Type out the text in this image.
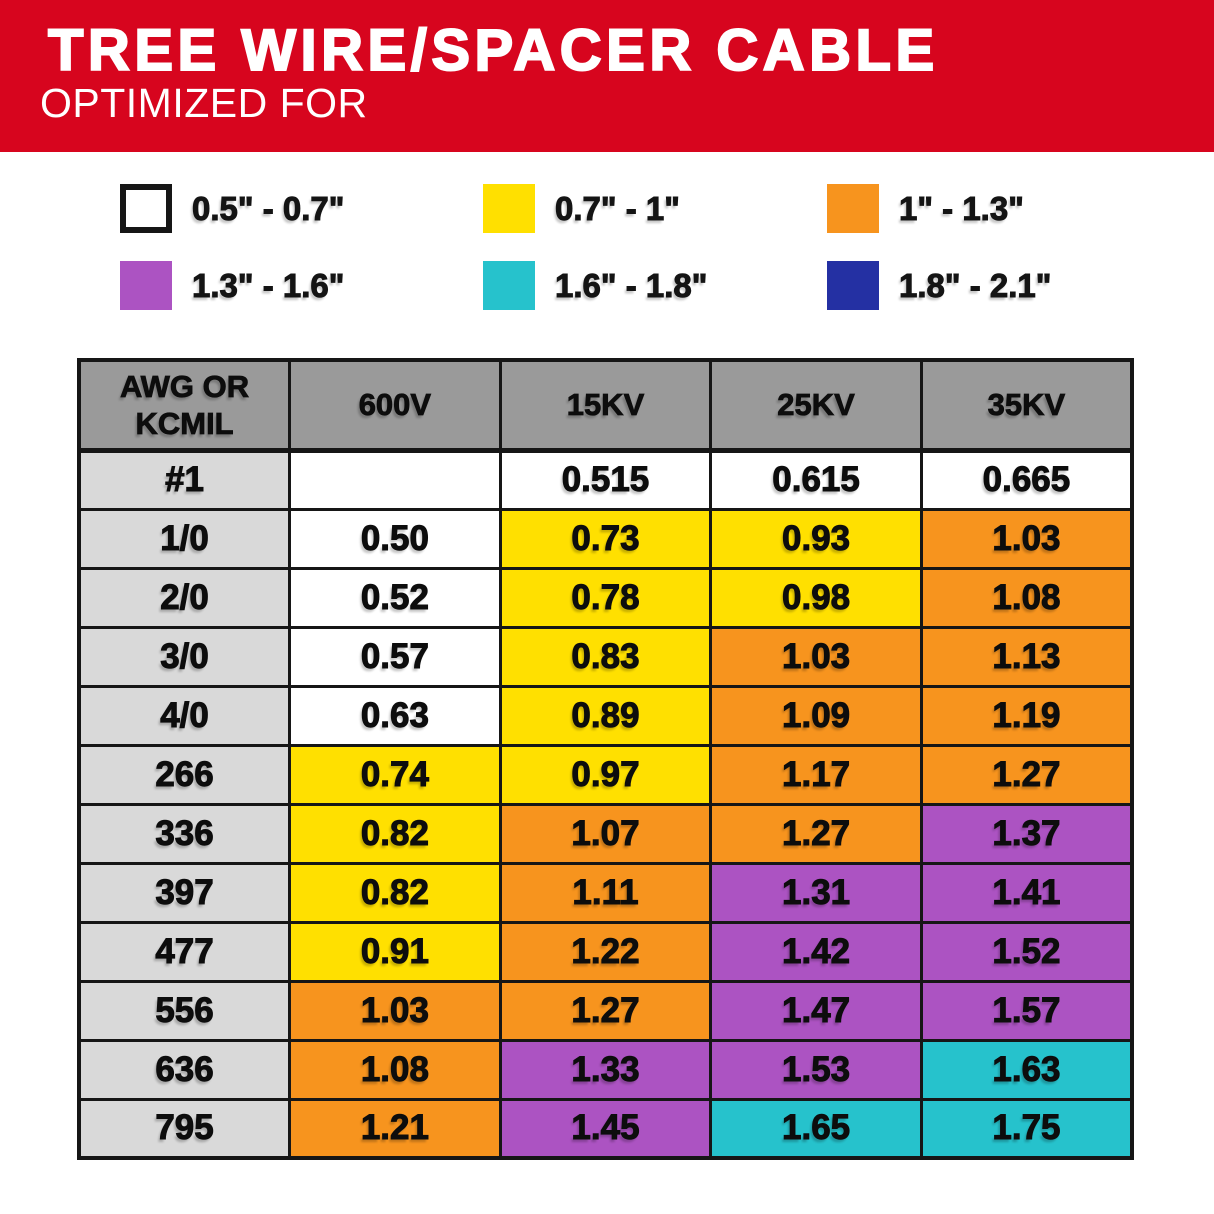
TREE WIRE/SPACER CABLE
OPTIMIZED FOR
0.5" - 0.7"	0.7" - 1"	1" - 1.3"
1.3" - 1.6"	1.6" - 1.8"	1.8" - 2.1"
AWG OR KCMIL	600V	15KV	25KV	35KV
#1		0.515	0.615	0.665
1/0	0.50	0.73	0.93	1.03
2/0	0.52	0.78	0.98	1.08
3/0	0.57	0.83	1.03	1.13
4/0	0.63	0.89	1.09	1.19
266	0.74	0.97	1.17	1.27
336	0.82	1.07	1.27	1.37
397	0.82	1.11	1.31	1.41
477	0.91	1.22	1.42	1.52
556	1.03	1.27	1.47	1.57
636	1.08	1.33	1.53	1.63
795	1.21	1.45	1.65	1.75
